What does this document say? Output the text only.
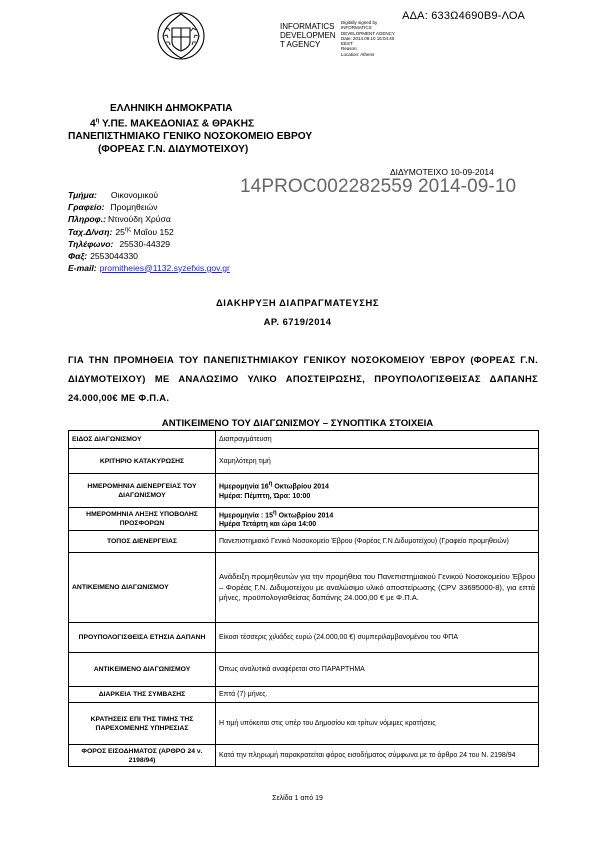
ΑΔΑ: 633Ω4690Β9-ΛΟΑ
INFORMATICS
DEVELOPMEN
T AGENCY
Digitally signed by
INFORMATICS
DEVELOPMENT AGENCY
Date: 2014.09.10 15:04:40
EEST
Reason:
Location: Athens
ΕΛΛΗΝΙΚΗ ΔΗΜΟΚΡΑΤΙΑ
$4^\eta$ Υ.ΠΕ. ΜΑΚΕΔΟΝΙΑΣ & ΘΡΑΚΗΣ
ΠΑΝΕΠΙΣΤΗΜΙΑΚΟ ΓΕΝΙΚΟ ΝΟΣΟΚΟΜΕΙΟ ΕΒΡΟΥ
(ΦΟΡΕΑΣ Γ.Ν. ΔΙΔΥΜΟΤΕΙΧΟΥ)
ΔΙΔΥΜΟΤΕΙΧΟ 10-09-2014
14PROC002282559 2014-09-10
Τμήμα: Οικονομικού
Γραφείο: Προμηθειών
Πληροφ.: Ντινούδη Χρύσα
Ταχ.Δ/νση: $25^{\eta\varsigma}$ Μαΐου 152
Τηλέφωνο: 25530-44329
Φαξ: 2553044330
E-mail: promitheies@1132.syzefxis.gov.gr
ΔΙΑΚΗΡΥΞΗ ΔΙΑΠΡΑΓΜΑΤΕΥΣΗΣ
ΑΡ. 6719/2014
ΓΙΑ ΤΗΝ ΠΡΟΜΗΘΕΙΑ ΤΟΥ ΠΑΝΕΠΙΣΤΗΜΙΑΚΟΥ ΓΕΝΙΚΟΥ ΝΟΣΟΚΟΜΕΙΟΥ ΈΒΡΟΥ (ΦΟΡΕΑΣ Γ.Ν. ΔΙΔΥΜΟΤΕΙΧΟΥ) ΜΕ ΑΝΑΛΩΣΙΜΟ ΥΛΙΚΟ ΑΠΟΣΤΕΙΡΩΣΗΣ, ΠΡΟΥΠΟΛΟΓΙΣΘΕΙΣΑΣ ΔΑΠΑΝΗΣ 24.000,00€ ΜΕ Φ.Π.Α.
ΑΝΤΙΚΕΙΜΕΝΟ ΤΟΥ ΔΙΑΓΩΝΙΣΜΟΥ – ΣΥΝΟΠΤΙΚΑ ΣΤΟΙΧΕΙΑ
ΕΙΔΟΣ ΔΙΑΓΩΝΙΣΜΟΥ	Διαπραγμάτευση
ΚΡΙΤΗΡΙΟ ΚΑΤΑΚΥΡΩΣΗΣ	Χαμηλότερη τιμή
ΗΜΕΡΟΜΗΝΙΑ ΔΙΕΝΕΡΓΕΙΑΣ ΤΟΥ ΔΙΑΓΩΝΙΣΜΟΥ	Ημερομηνία $16^\eta$ Οκτωβρίου 2014
Ημέρα: Πέμπτη, Ώρα: 10:00

ΗΜΕΡΟΜΗΝΙΑ ΛΗΞΗΣ ΥΠΟΒΟΛΗΣ ΠΡΟΣΦΟΡΩΝ	Ημερομηνία : $15^\eta$ Οκτωβρίου 2014
Ημέρα Τετάρτη και ώρα 14:00

ΤΟΠΟΣ ΔΙΕΝΕΡΓΕΙΑΣ	Πανεπιστημιακό Γενικό Νοσοκομείο Έβρου (Φορέας Γ.Ν Διδυμοτείχου) (Γραφείο προμηθειών)
ΑΝΤΙΚΕΙΜΕΝΟ ΔΙΑΓΩΝΙΣΜΟΥ	Ανάδειξη προμηθευτών για την προμήθεια του Πανεπιστημιακού Γενικού Νοσοκομείου Έβρου – Φορέας Γ.Ν. Διδυμοτείχου με αναλώσιμο υλικό αποστείρωσης (CPV 33695000-8), για επτά μήνες, προϋπολογισθείσας δαπάνης 24.000,00 € με Φ.Π.Α.
ΠΡΟΥΠΟΛΟΓΙΣΘΕΙΣΑ ΕΤΗΣΙΑ ΔΑΠΑΝΗ	Είκοσι τέσσερις χιλιάδες ευρώ (24.000,00 €) συμπεριλαμβανομένου του ΦΠΑ
ΑΝΤΙΚΕΙΜΕΝΟ ΔΙΑΓΩΝΙΣΜΟΥ	Όπως αναλυτικά αναφέρεται στο ΠΑΡΑΡΤΗΜΑ
ΔΙΑΡΚΕΙΑ ΤΗΣ ΣΥΜΒΑΣΗΣ	Επτά (7) μήνες.
ΚΡΑΤΗΣΕΙΣ ΕΠΙ ΤΗΣ ΤΙΜΗΣ ΤΗΣ ΠΑΡΕΧΟΜΕΝΗΣ ΥΠΗΡΕΣΙΑΣ	Η τιμή υπόκειται στις υπέρ του Δημοσίου και τρίτων νόμιμες κρατήσεις
ΦΟΡΟΣ ΕΙΣΟΔΗΜΑΤΟΣ (ΑΡΘΡΟ 24 ν. 2198/94)	Κατά την πληρωμή παρακρατείται φόρος εισοδήματος σύμφωνα με το άρθρο 24 του Ν. 2198/94
Σελίδα 1 από 19
